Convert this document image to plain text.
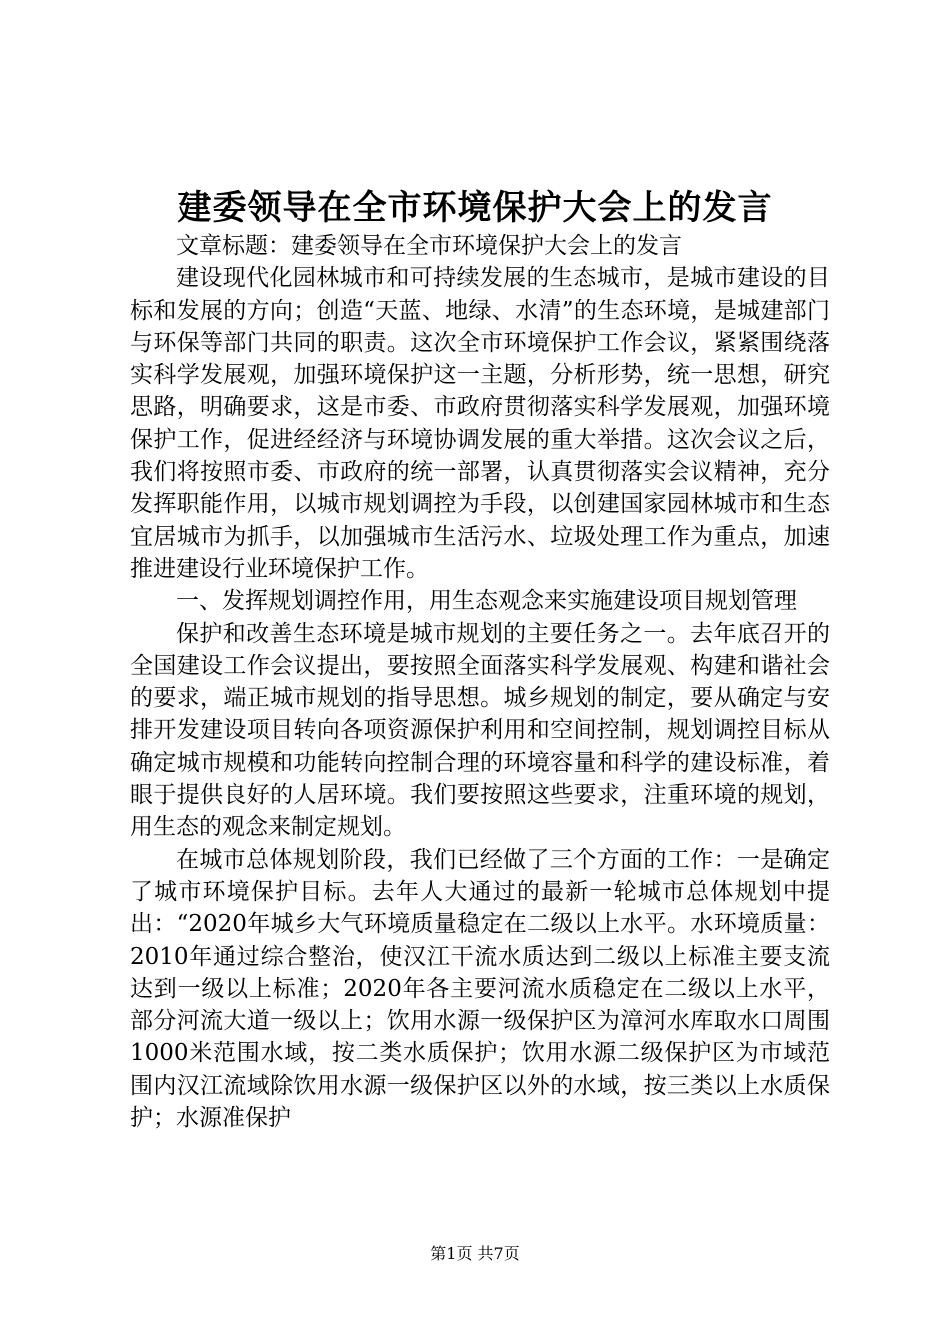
建委领导在全市环境保护大会上的发言

文章标题：建委领导在全市环境保护大会上的发言

建设现代化园林城市和可持续发展的生态城市，是城市建设的目标和发展的方向；创造“天蓝、地绿、水清”的生态环境，是城建部门与环保等部门共同的职责。这次全市环境保护工作会议，紧紧围绕落实科学发展观，加强环境保护这一主题，分析形势，统一思想，研究思路，明确要求，这是市委、市政府贯彻落实科学发展观，加强环境保护工作，促进经经济与环境协调发展的重大举措。这次会议之后，我们将按照市委、市政府的统一部署，认真贯彻落实会议精神，充分发挥职能作用，以城市规划调控为手段，以创建国家园林城市和生态宜居城市为抓手，以加强城市生活污水、垃圾处理工作为重点，加速推进建设行业环境保护工作。

一、发挥规划调控作用，用生态观念来实施建设项目规划管理

保护和改善生态环境是城市规划的主要任务之一。去年底召开的全国建设工作会议提出，要按照全面落实科学发展观、构建和谐社会的要求，端正城市规划的指导思想。城乡规划的制定，要从确定与安排开发建设项目转向各项资源保护利用和空间控制，规划调控目标从确定城市规模和功能转向控制合理的环境容量和科学的建设标准，着眼于提供良好的人居环境。我们要按照这些要求，注重环境的规划，用生态的观念来制定规划。

在城市总体规划阶段，我们已经做了三个方面的工作：一是确定了城市环境保护目标。去年人大通过的最新一轮城市总体规划中提出：“2020年城乡大气环境质量稳定在二级以上水平。水环境质量：2010年通过综合整治，使汉江干流水质达到二级以上标准主要支流达到一级以上标准；2020年各主要河流水质稳定在二级以上水平，部分河流大道一级以上；饮用水源一级保护区为漳河水库取水口周围1000米范围水域，按二类水质保护；饮用水源二级保护区为市域范围内汉江流域除饮用水源一级保护区以外的水域，按三类以上水质保护；水源准保护

第1页 共7页
